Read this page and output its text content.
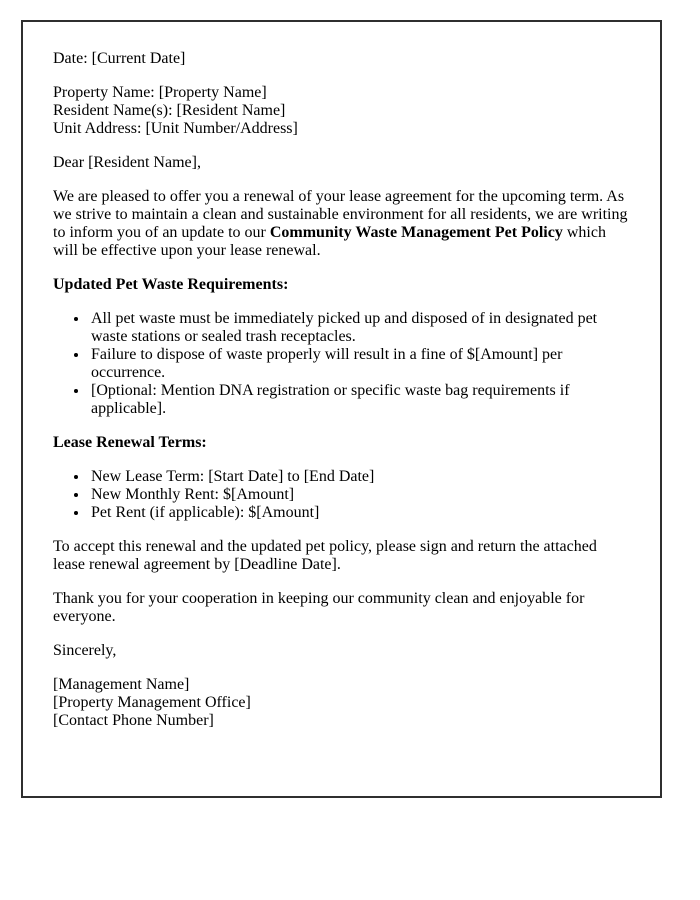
Date: [Current Date]

Property Name: [Property Name]

Resident Name(s): [Resident Name]

Unit Address: [Unit Number/Address]

Dear [Resident Name],

We are pleased to offer you a renewal of your lease agreement for the upcoming term. As we strive to maintain a clean and sustainable environment for all residents, we are writing to inform you of an update to our Community Waste Management Pet Policy which will be effective upon your lease renewal.

Updated Pet Waste Requirements:

• All pet waste must be immediately picked up and disposed of in designated pet waste stations or sealed trash receptacles.
• Failure to dispose of waste properly will result in a fine of $[Amount] per occurrence.
• [Optional: Mention DNA registration or specific waste bag requirements if applicable].

Lease Renewal Terms:

• New Lease Term: [Start Date] to [End Date]
• New Monthly Rent: $[Amount]
• Pet Rent (if applicable): $[Amount]

To accept this renewal and the updated pet policy, please sign and return the attached lease renewal agreement by [Deadline Date].

Thank you for your cooperation in keeping our community clean and enjoyable for everyone.

Sincerely,

[Management Name]

[Property Management Office]

[Contact Phone Number]
